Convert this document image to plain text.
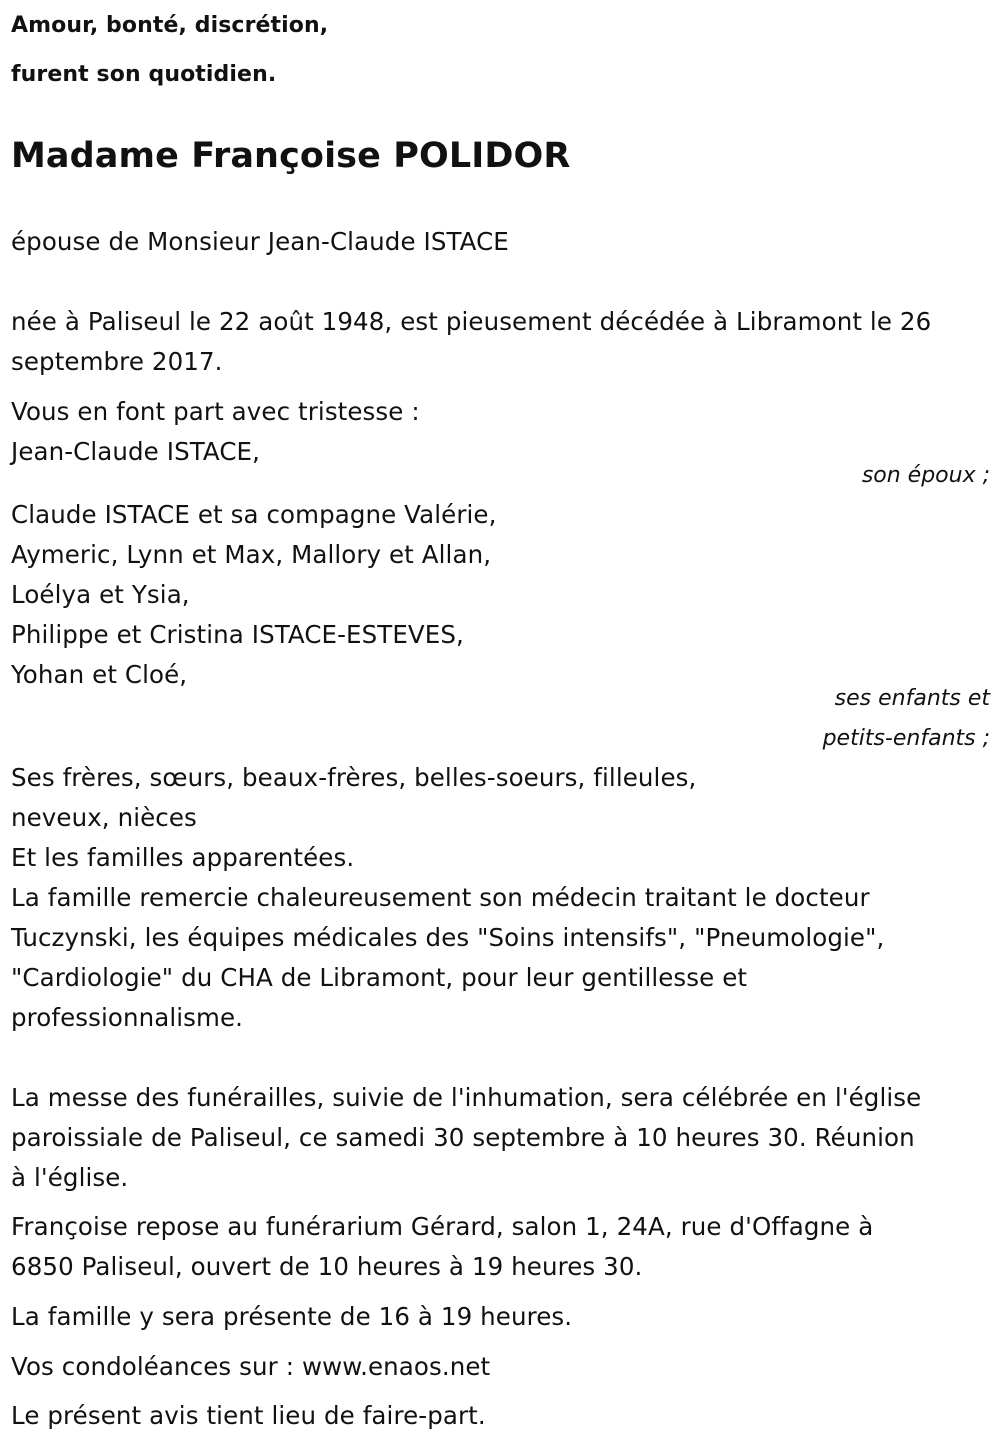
Amour, bonté, discrétion,
furent son quotidien.
Madame Françoise POLIDOR
épouse de Monsieur Jean-Claude ISTACE
née à Paliseul le 22 août 1948, est pieusement décédée à Libramont le 26
septembre 2017.
Vous en font part avec tristesse :
Jean-Claude ISTACE,
son époux ;
Claude ISTACE et sa compagne Valérie,
Aymeric, Lynn et Max, Mallory et Allan,
Loélya et Ysia,
Philippe et Cristina ISTACE-ESTEVES,
Yohan et Cloé,
ses enfants et
petits-enfants ;
Ses frères, sœurs, beaux-frères, belles-soeurs, filleules,
neveux, nièces
Et les familles apparentées.
La famille remercie chaleureusement son médecin traitant le docteur
Tuczynski, les équipes médicales des "Soins intensifs", "Pneumologie",
"Cardiologie" du CHA de Libramont, pour leur gentillesse et
professionnalisme.
La messe des funérailles, suivie de l'inhumation, sera célébrée en l'église
paroissiale de Paliseul, ce samedi 30 septembre à 10 heures 30. Réunion
à l'église.
Françoise repose au funérarium Gérard, salon 1, 24A, rue d'Offagne à
6850 Paliseul, ouvert de 10 heures à 19 heures 30.
La famille y sera présente de 16 à 19 heures.
Vos condoléances sur : www.enaos.net
Le présent avis tient lieu de faire-part.
